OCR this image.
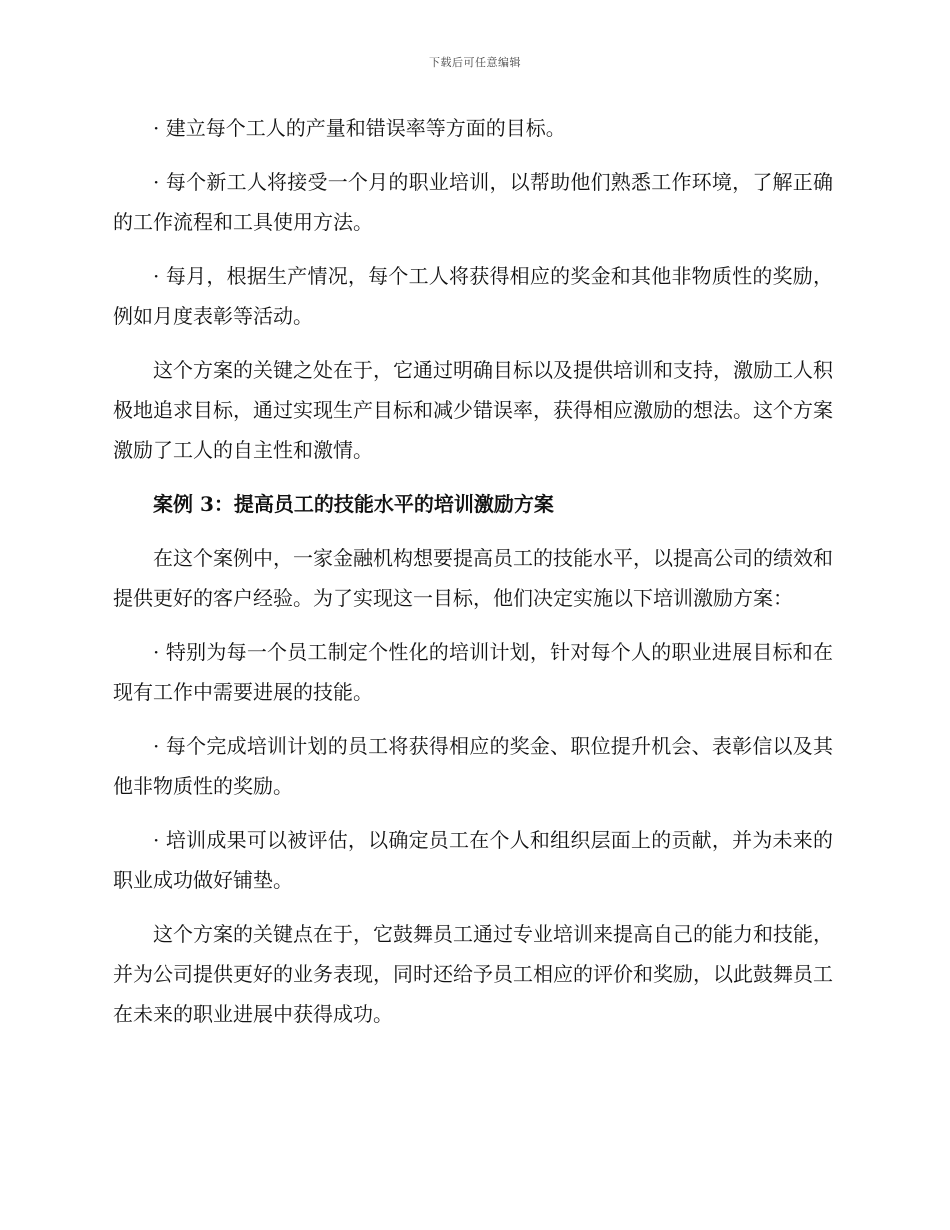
下载后可任意编辑

· 建立每个工人的产量和错误率等方面的目标。

· 每个新工人将接受一个月的职业培训，以帮助他们熟悉工作环境，了解正确的工作流程和工具使用方法。

· 每月，根据生产情况，每个工人将获得相应的奖金和其他非物质性的奖励，例如月度表彰等活动。

这个方案的关键之处在于，它通过明确目标以及提供培训和支持，激励工人积极地追求目标，通过实现生产目标和减少错误率，获得相应激励的想法。这个方案激励了工人的自主性和激情。

案例 3：提高员工的技能水平的培训激励方案

在这个案例中，一家金融机构想要提高员工的技能水平，以提高公司的绩效和提供更好的客户经验。为了实现这一目标，他们决定实施以下培训激励方案：

· 特别为每一个员工制定个性化的培训计划，针对每个人的职业进展目标和在现有工作中需要进展的技能。

· 每个完成培训计划的员工将获得相应的奖金、职位提升机会、表彰信以及其他非物质性的奖励。

· 培训成果可以被评估，以确定员工在个人和组织层面上的贡献，并为未来的职业成功做好铺垫。

这个方案的关键点在于，它鼓舞员工通过专业培训来提高自己的能力和技能，并为公司提供更好的业务表现，同时还给予员工相应的评价和奖励，以此鼓舞员工在未来的职业进展中获得成功。
